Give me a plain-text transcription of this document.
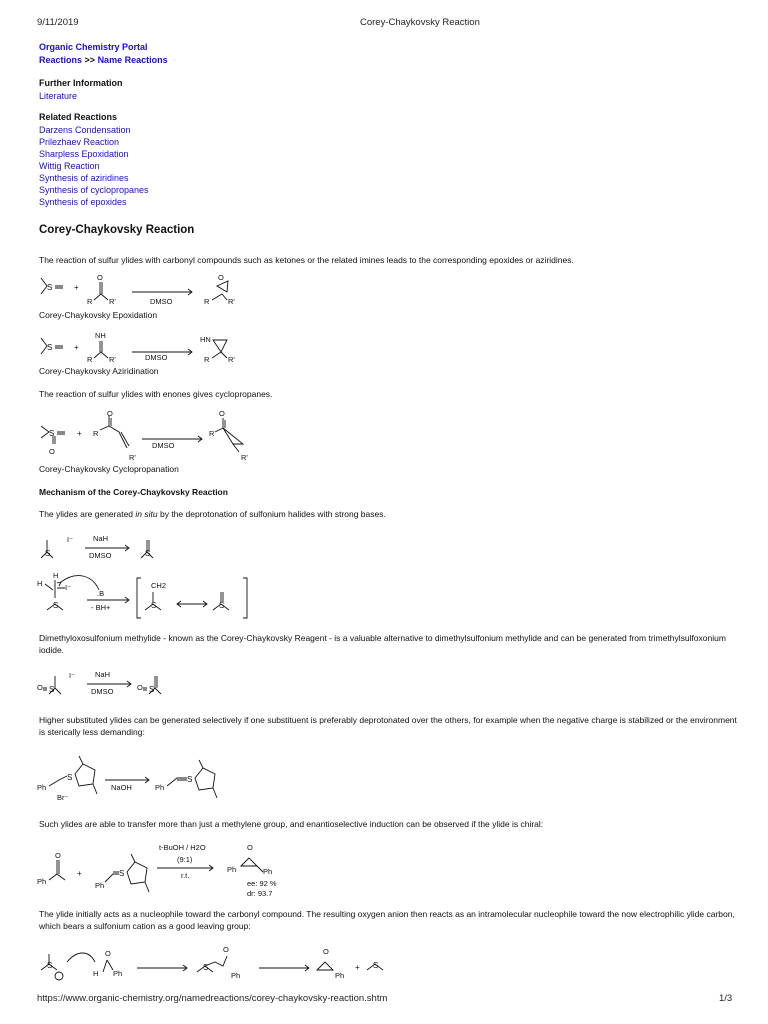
9/11/2019	Corey-Chaykovsky Reaction
Organic Chemistry Portal
Reactions >> Name Reactions
Further Information
Literature
Related Reactions
Darzens Condensation
Prilezhaev Reaction
Sharpless Epoxidation
Wittig Reaction
Synthesis of aziridines
Synthesis of cyclopropanes
Synthesis of epoxides
Corey-Chaykovsky Reaction
The reaction of sulfur ylides with carbonyl compounds such as ketones or the related imines leads to the corresponding epoxides or aziridines.
S	+
O
R R'	DMSO
O
R R'
Corey-Chaykovsky Epoxidation
S	+
NH
R R'	DMSO
HN
R R'
Corey-Chaykovsky Aziridination
The reaction of sulfur ylides with enones gives cyclopropanes.
S
O
+ R
O
R'
DMSO
R
O
R'
Corey-Chaykovsky Cyclopropanation
Mechanism of the Corey-Chaykovsky Reaction
The ylides are generated in situ by the deprotonation of sulfonium halides with strong bases.
S
I⁻	NaH
DMSO	S
H
H
I⁻
S
.B
- BH+
CH2
S	S
Dimethyloxosulfonium methylide - known as the Corey-Chaykovsky Reagent - is a valuable alternative to dimethylsulfonium methylide and can be generated from trimethylsulfoxonium iodide.
O S
I⁻	NaH
DMSO	O S
Higher substituted ylides can be generated selectively if one substituent is preferably deprotonated over the others, for example when the negative charge is stabilized or the environment is sterically less demanding:
Ph
S
Br⁻
NaOH	Ph
S
Such ylides are able to transfer more than just a methylene group, and enantioselective induction can be observed if the ylide is chiral:
Ph
O
+
Ph
S
t-BuOH / H2O
(9:1)
r.t.
Ph
O
Ph
ee: 92 %
dr: 93.7
The ylide initially acts as a nucleophile toward the carbonyl compound. The resulting oxygen anion then reacts as an intramolecular nucleophile toward the now electrophilic ylide carbon, which bears a sulfonium cation as a good leaving group:
S
H
O
Ph
S
O
Ph
O
Ph
+ S
https://www.organic-chemistry.org/namedreactions/corey-chaykovsky-reaction.shtm	1/3
